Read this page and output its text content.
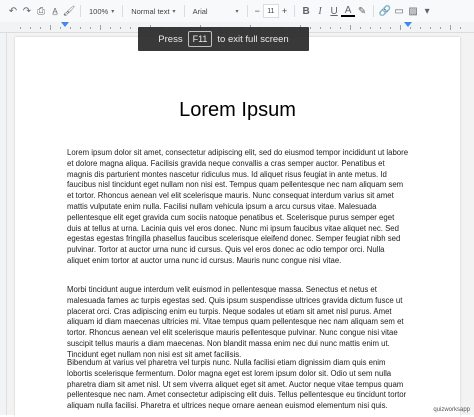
↶ ↷ ⎙ A̲ 🖌 100% ▾ Normal text ▾ Arial	▾	−	11 +	B I U A ✎ 🔗 ▭ ▨ ▾
Lorem Ipsum

Lorem ipsum dolor sit amet, consectetur adipiscing elit, sed do eiusmod tempor incididunt ut labore et dolore magna aliqua. Facilisis gravida neque convallis a cras semper auctor. Penatibus et magnis dis parturient montes nascetur ridiculus mus. Id aliquet risus feugiat in ante metus. Id faucibus nisl tincidunt eget nullam non nisi est. Tempus quam pellentesque nec nam aliquam sem et tortor. Rhoncus aenean vel elit scelerisque mauris. Nunc consequat interdum varius sit amet mattis vulputate enim nulla. Facilisi nullam vehicula ipsum a arcu cursus vitae. Malesuada pellentesque elit eget gravida cum sociis natoque penatibus et. Scelerisque purus semper eget duis at tellus at urna. Lacinia quis vel eros donec. Nunc mi ipsum faucibus vitae aliquet nec. Sed egestas egestas fringilla phasellus faucibus scelerisque eleifend donec. Semper feugiat nibh sed pulvinar. Tortor at auctor urna nunc id cursus. Quis vel eros donec ac odio tempor orci. Nulla aliquet enim tortor at auctor urna nunc id cursus. Mauris nunc congue nisi vitae.

Morbi tincidunt augue interdum velit euismod in pellentesque massa. Senectus et netus et malesuada fames ac turpis egestas sed. Quis ipsum suspendisse ultrices gravida dictum fusce ut placerat orci. Cras adipiscing enim eu turpis. Neque sodales ut etiam sit amet nisl purus. Amet aliquam id diam maecenas ultricies mi. Vitae tempus quam pellentesque nec nam aliquam sem et tortor. Rhoncus aenean vel elit scelerisque mauris pellentesque pulvinar. Nunc congue nisi vitae suscipit tellus mauris a diam maecenas. Non blandit massa enim nec dui nunc mattis enim ut. Tincidunt eget nullam non nisi est sit amet facilisis.

Bibendum at varius vel pharetra vel turpis nunc. Nulla facilisi etiam dignissim diam quis enim lobortis scelerisque fermentum. Dolor magna eget est lorem ipsum dolor sit. Odio ut sem nulla pharetra diam sit amet nisl. Ut sem viverra aliquet eget sit amet. Auctor neque vitae tempus quam pellentesque nec nam. Amet consectetur adipiscing elit duis. Tellus pellentesque eu tincidunt tortor aliquam nulla facilisi. Pharetra et ultrices neque ornare aenean euismod elementum nisi quis.

Press	F11	to exit full screen
quizworksapp
